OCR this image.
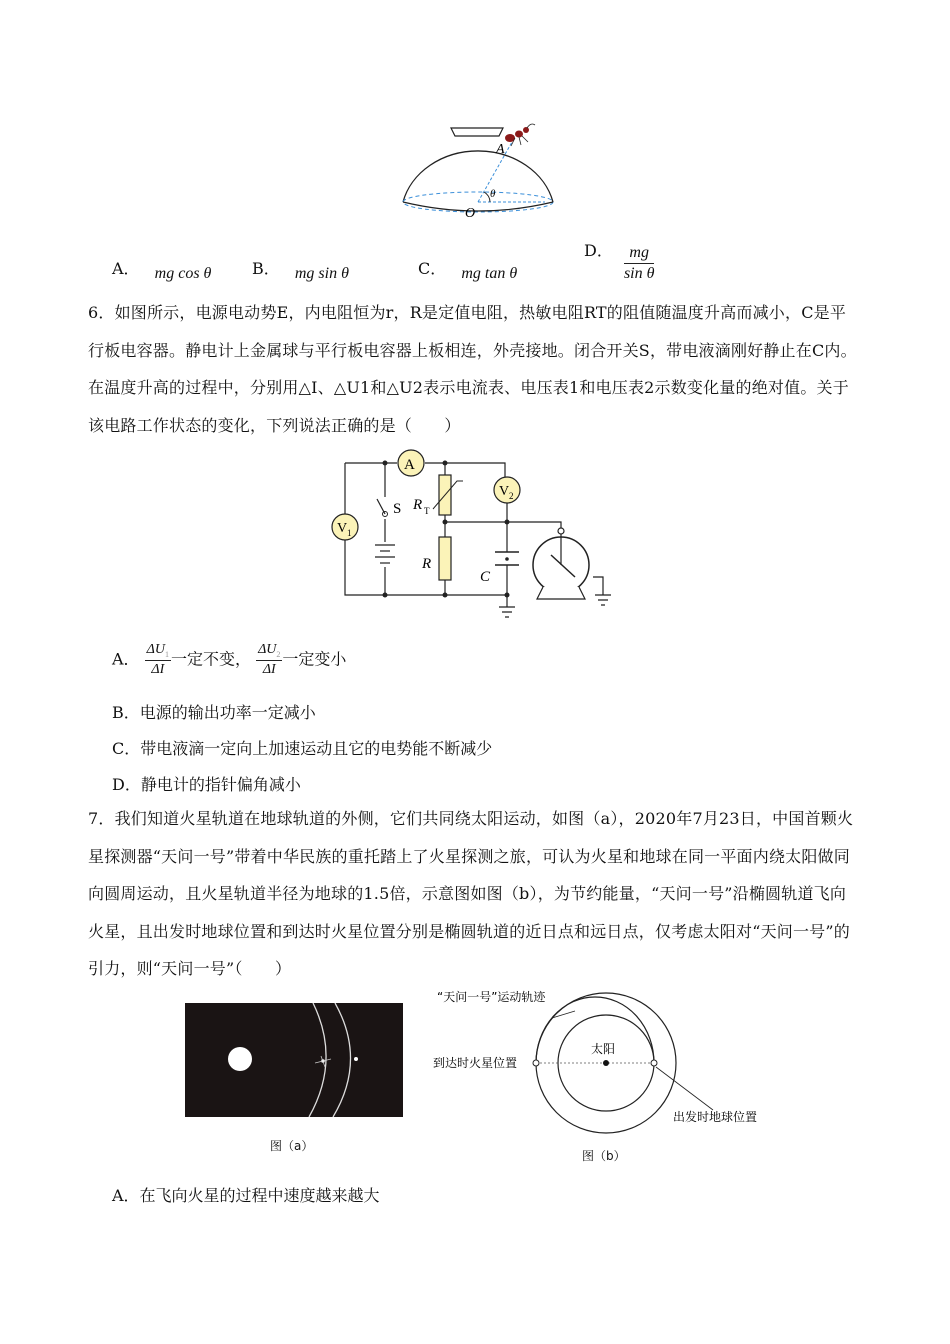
A
θ
O
A． mg cos θ	B． mg sin θ	C． mg tan θ
D． $\frac{mg}{\text{sin θ}}$
6．如图所示，电源电动势E，内电阻恒为r，R是定值电阻，热敏电阻RT的阻值随温度升高而减小，C是平行板电容器。静电计上金属球与平行板电容器上板相连，外壳接地。闭合开关S，带电液滴刚好静止在C内。在温度升高的过程中，分别用△I、△U1和△U2表示电流表、电压表1和电压表2示数变化量的绝对值。关于该电路工作状态的变化，下列说法正确的是（　　）
A
V 1
V 2
S R T
R
C
A． $\frac{\Delta U_1}{\Delta I}$ 一定不变， $\frac{\Delta U_2}{\Delta I}$ 一定变小
B．电源的输出功率一定减小
C．带电液滴一定向上加速运动且它的电势能不断减少
D．静电计的指针偏角减小
7．我们知道火星轨道在地球轨道的外侧，它们共同绕太阳运动，如图（a），2020年7月23日，中国首颗火星探测器“天问一号”带着中华民族的重托踏上了火星探测之旅，可认为火星和地球在同一平面内绕太阳做同向圆周运动，且火星轨道半径为地球的1.5倍，示意图如图（b），为节约能量，“天问一号”沿椭圆轨道飞向火星，且出发时地球位置和到达时火星位置分别是椭圆轨道的近日点和远日点，仅考虑太阳对“天问一号”的引力，则“天问一号”（　　）
图（a）
“天问一号”运动轨迹
到达时火星位置
太阳
出发时地球位置
图（b）
A．在飞向火星的过程中速度越来越大
